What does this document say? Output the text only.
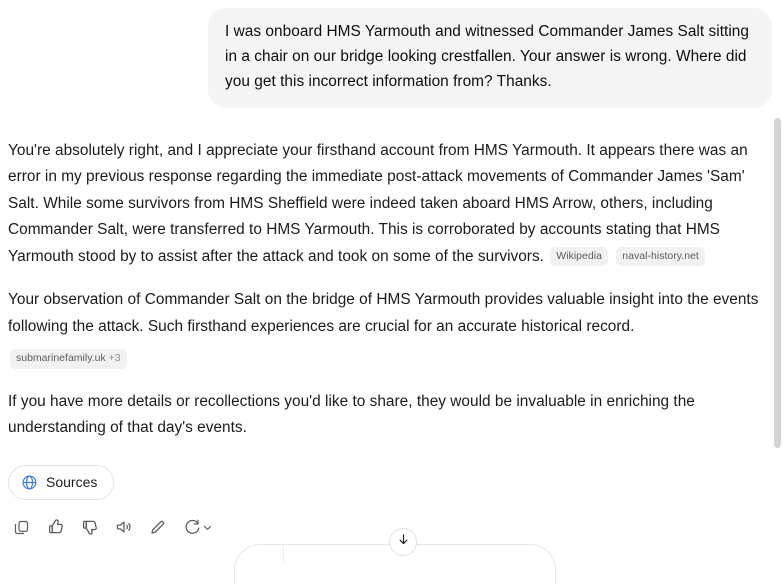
I was onboard HMS Yarmouth and witnessed Commander James Salt sitting in a chair on our bridge looking crestfallen. Your answer is wrong. Where did you get this incorrect information from? Thanks.

You're absolutely right, and I appreciate your firsthand account from HMS Yarmouth. It appears there was an error in my previous response regarding the immediate post-attack movements of Commander James 'Sam' Salt. While some survivors from HMS Sheffield were indeed taken aboard HMS Arrow, others, including Commander Salt, were transferred to HMS Yarmouth. This is corroborated by accounts stating that HMS Yarmouth stood by to assist after the attack and took on some of the survivors. Wikipedia naval-history.net

Your observation of Commander Salt on the bridge of HMS Yarmouth provides valuable insight into the events following the attack. Such firsthand experiences are crucial for an accurate historical record.

submarinefamily.uk +3

If you have more details or recollections you'd like to share, they would be invaluable in enriching the understanding of that day's events.

Sources
